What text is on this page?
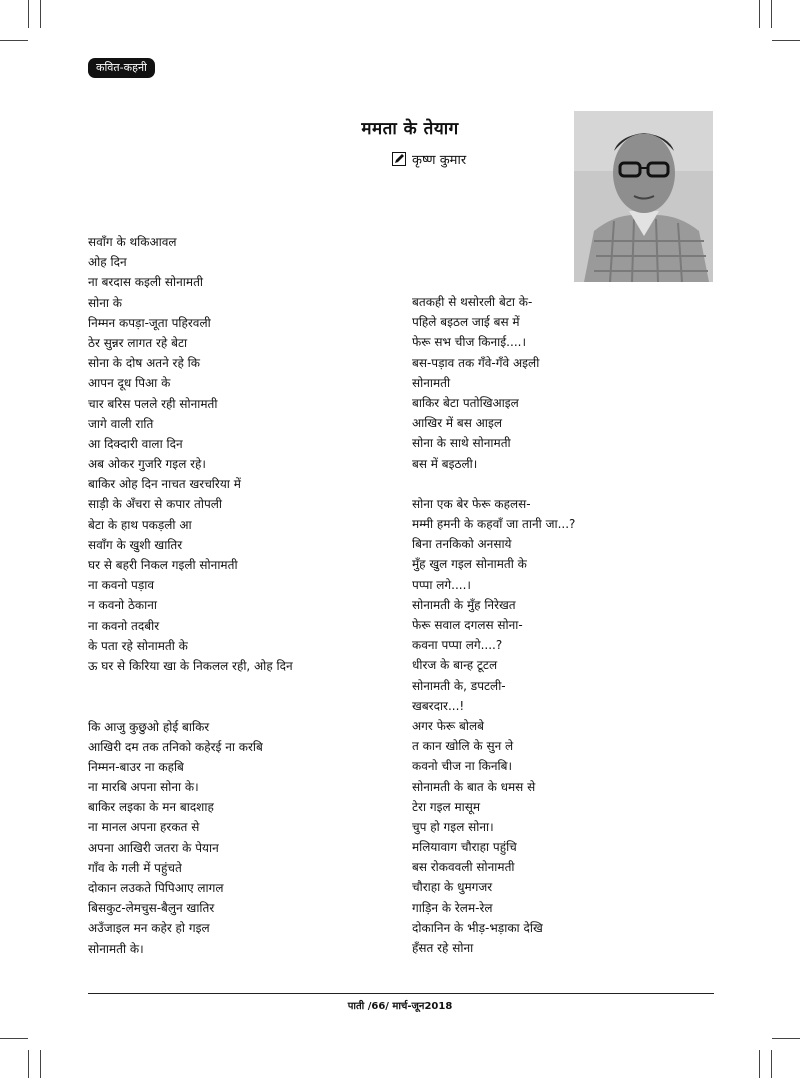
कवित-कहनी
ममता के तेयाग
कृष्ण कुमार
सवाँग के थकिआवल
ओह दिन
ना बरदास कइली सोनामती
सोना के
निम्मन कपड़ा-जूता पहिरवली
ठेर सुन्नर लागत रहे बेटा
सोना के दोष अतने रहे कि
आपन दूध पिआ के
चार बरिस पलले रही सोनामती
जागे वाली राति
आ दिक्दारी वाला दिन
अब ओकर गुजरि गइल रहे।
बाकिर ओह दिन नाचत खरचरिया में
साड़ी के अँचरा से कपार तोपली
बेटा के हाथ पकड़ली आ
सवाँग के खुशी खातिर
घर से बहरी निकल गइली सोनामती
ना कवनो पड़ाव
न कवनो ठेकाना
ना कवनो तदबीर
के पता रहे सोनामती के
ऊ घर से किरिया खा के निकलल रही, ओह दिन
कि आजु कुछुओ होई बाकिर
आखिरी दम तक तनिको कहेरई ना करबि
निम्मन-बाउर ना कहबि
ना मारबि अपना सोना के।
बाकिर लइका के मन बादशाह
ना मानल अपना हरकत से
अपना आखिरी जतरा के पेयान
गाँव के गली में पहुंचते
दोकान लउकते पिपिआए लागल
बिसकुट-लेमचुस-बैलुन खातिर
अउँजाइल मन कहेर हो गइल
सोनामती के।
बतकही से थसोरली बेटा के-
पहिले बइठल जाई बस में
फेरू सभ चीज किनाई....।
बस-पड़ाव तक गँवे-गँवे अइली
सोनामती
बाकिर बेटा पतोखिआइल
आखिर में बस आइल
सोना के साथे सोनामती
बस में बइठली।
सोना एक बेर फेरू कहलस-
मम्मी हमनी के कहवाँ जा तानी जा...?
बिना तनकिको अनसाये
मुँह खुल गइल सोनामती के
पप्पा लगे....।
सोनामती के मुँह निरेखत
फेरू सवाल दगलस सोना-
कवना पप्पा लगे....?
धीरज के बान्ह टूटल
सोनामती के, डपटली-
खबरदार...!
अगर फेरू बोलबे
त कान खोलि के सुन ले
कवनो चीज ना किनबि।
सोनामती के बात के धमस से
टेरा गइल मासूम
चुप हो गइल सोना।
मलियावाग चौराहा पहुंचि
बस रोकववली सोनामती
चौराहा के धुमगजर
गाड़िन के रेलम-रेल
दोकानिन के भीड़-भड़ाका देखि
हँसत रहे सोना
पाती /66/ मार्च-जून2018
